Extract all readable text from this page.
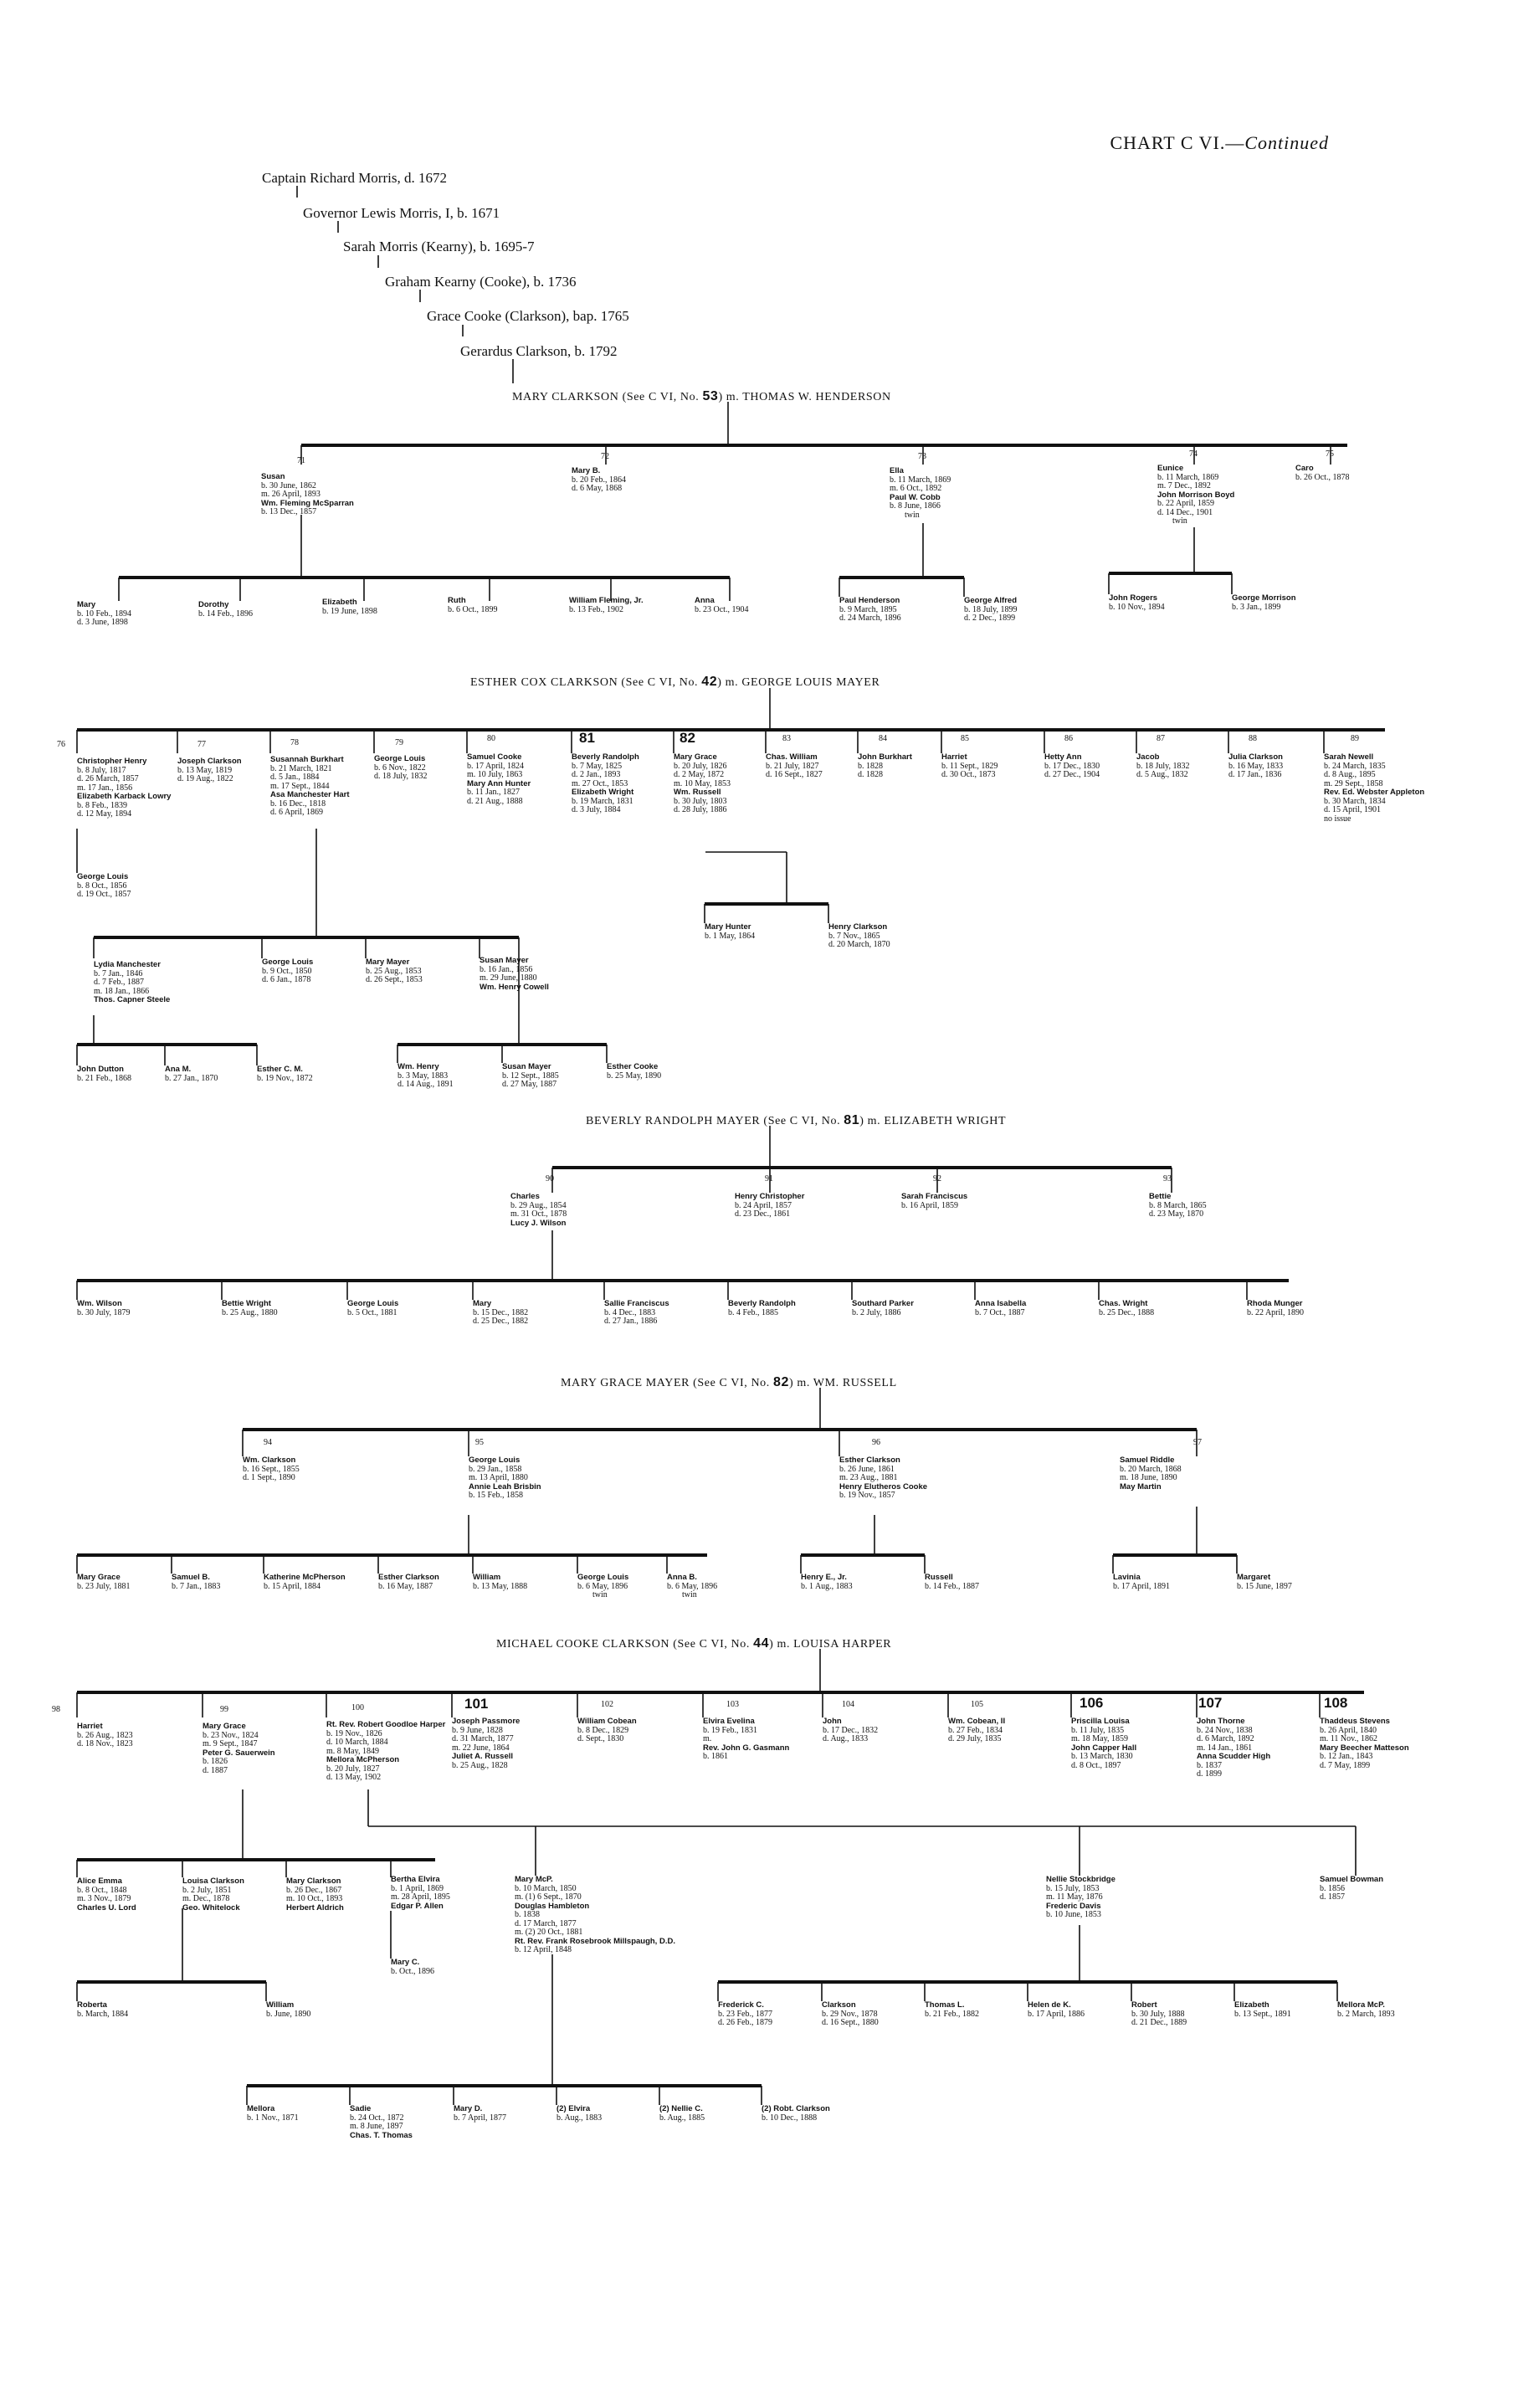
CHART C VI.—Continued
Captain Richard Morris, d. 1672
Governor Lewis Morris, I, b. 1671
Sarah Morris (Kearny), b. 1695-7
Graham Kearny (Cooke), b. 1736
Grace Cooke (Clarkson), bap. 1765
Gerardus Clarkson, b. 1792
MARY CLARKSON (See C VI, No. 53) m. THOMAS W. HENDERSON
ESTHER COX CLARKSON (See C VI, No. 42) m. GEORGE LOUIS MAYER
BEVERLY RANDOLPH MAYER (See C VI, No. 81) m. ELIZABETH WRIGHT
MARY GRACE MAYER (See C VI, No. 82) m. WM. RUSSELL
MICHAEL COOKE CLARKSON (See C VI, No. 44) m. LOUISA HARPER
71	72	73	74	75
76	77	78	79	80	81	82	83	84	85	86	87	88	89
90	91	92	93
94	95	96	97
98	99	100	101	102	103	104	105	106	107	108
Susan
b. 30 June, 1862
m. 26 April, 1893
Wm. Fleming McSparran
b. 13 Dec., 1857
Mary B.
b. 20 Feb., 1864
d. 6 May, 1868
Ella
b. 11 March, 1869
m. 6 Oct., 1892
Paul W. Cobb
b. 8 June, 1866
twin
Eunice
b. 11 March, 1869
m. 7 Dec., 1892
John Morrison Boyd
b. 22 April, 1859
d. 14 Dec., 1901
twin
Caro
b. 26 Oct., 1878
Mary
b. 10 Feb., 1894
d. 3 June, 1898
Dorothy
b. 14 Feb., 1896
Elizabeth
b. 19 June, 1898
Ruth
b. 6 Oct., 1899
William Fleming, Jr.
b. 13 Feb., 1902
Anna
b. 23 Oct., 1904
Paul Henderson
b. 9 March, 1895
d. 24 March, 1896
George Alfred
b. 18 July, 1899
d. 2 Dec., 1899
John Rogers
b. 10 Nov., 1894
George Morrison
b. 3 Jan., 1899
Christopher Henry
b. 8 July, 1817
d. 26 March, 1857
m. 17 Jan., 1856
Elizabeth Karback Lowry
b. 8 Feb., 1839
d. 12 May, 1894
Joseph Clarkson
b. 13 May, 1819
d. 19 Aug., 1822
Susannah Burkhart
b. 21 March, 1821
d. 5 Jan., 1884
m. 17 Sept., 1844
Asa Manchester Hart
b. 16 Dec., 1818
d. 6 April, 1869
George Louis
b. 6 Nov., 1822
d. 18 July, 1832
Samuel Cooke
b. 17 April, 1824
m. 10 July, 1863
Mary Ann Hunter
b. 11 Jan., 1827
d. 21 Aug., 1888
Beverly Randolph
b. 7 May, 1825
d. 2 Jan., 1893
m. 27 Oct., 1853
Elizabeth Wright
b. 19 March, 1831
d. 3 July, 1884
Mary Grace
b. 20 July, 1826
d. 2 May, 1872
m. 10 May, 1853
Wm. Russell
b. 30 July, 1803
d. 28 July, 1886
Chas. William
b. 21 July, 1827
d. 16 Sept., 1827
John Burkhart
b. 1828
d. 1828
Harriet
b. 11 Sept., 1829
d. 30 Oct., 1873
Hetty Ann
b. 17 Dec., 1830
d. 27 Dec., 1904
Jacob
b. 18 July, 1832
d. 5 Aug., 1832
Julia Clarkson
b. 16 May, 1833
d. 17 Jan., 1836
Sarah Newell
b. 24 March, 1835
d. 8 Aug., 1895
m. 29 Sept., 1858
Rev. Ed. Webster Appleton
b. 30 March, 1834
d. 15 April, 1901
no issue
George Louis
b. 8 Oct., 1856
d. 19 Oct., 1857
Mary Hunter
b. 1 May, 1864
Henry Clarkson
b. 7 Nov., 1865
d. 20 March, 1870
Lydia Manchester
b. 7 Jan., 1846
d. 7 Feb., 1887
m. 18 Jan., 1866
Thos. Capner Steele
George Louis
b. 9 Oct., 1850
d. 6 Jan., 1878
Mary Mayer
b. 25 Aug., 1853
d. 26 Sept., 1853
Susan Mayer
b. 16 Jan., 1856
m. 29 June, 1880
Wm. Henry Cowell
John Dutton
b. 21 Feb., 1868
Ana M.
b. 27 Jan., 1870
Esther C. M.
b. 19 Nov., 1872
Wm. Henry
b. 3 May, 1883
d. 14 Aug., 1891
Susan Mayer
b. 12 Sept., 1885
d. 27 May, 1887
Esther Cooke
b. 25 May, 1890
Charles
b. 29 Aug., 1854
m. 31 Oct., 1878
Lucy J. Wilson
Henry Christopher
b. 24 April, 1857
d. 23 Dec., 1861
Sarah Franciscus
b. 16 April, 1859
Bettie
b. 8 March, 1865
d. 23 May, 1870
Wm. Wilson
b. 30 July, 1879
Bettie Wright
b. 25 Aug., 1880
George Louis
b. 5 Oct., 1881
Mary
b. 15 Dec., 1882
d. 25 Dec., 1882
Sallie Franciscus
b. 4 Dec., 1883
d. 27 Jan., 1886
Beverly Randolph
b. 4 Feb., 1885
Southard Parker
b. 2 July, 1886
Anna Isabella
b. 7 Oct., 1887
Chas. Wright
b. 25 Dec., 1888
Rhoda Munger
b. 22 April, 1890
Wm. Clarkson
b. 16 Sept., 1855
d. 1 Sept., 1890
George Louis
b. 29 Jan., 1858
m. 13 April, 1880
Annie Leah Brisbin
b. 15 Feb., 1858
Esther Clarkson
b. 26 June, 1861
m. 23 Aug., 1881
Henry Elutheros Cooke
b. 19 Nov., 1857
Samuel Riddle
b. 20 March, 1868
m. 18 June, 1890
May Martin
Mary Grace
b. 23 July, 1881
Samuel B.
b. 7 Jan., 1883
Katherine McPherson
b. 15 April, 1884
Esther Clarkson
b. 16 May, 1887
William
b. 13 May, 1888
George Louis
b. 6 May, 1896
twin
Anna B.
b. 6 May, 1896
twin
Henry E., Jr.
b. 1 Aug., 1883
Russell
b. 14 Feb., 1887
Lavinia
b. 17 April, 1891
Margaret
b. 15 June, 1897
Harriet
b. 26 Aug., 1823
d. 18 Nov., 1823
Mary Grace
b. 23 Nov., 1824
m. 9 Sept., 1847
Peter G. Sauerwein
b. 1826
d. 1887
Rt. Rev. Robert Goodloe Harper
b. 19 Nov., 1826
d. 10 March, 1884
m. 8 May, 1849
Mellora McPherson
b. 20 July, 1827
d. 13 May, 1902
Joseph Passmore
b. 9 June, 1828
d. 31 March, 1877
m. 22 June, 1864
Juliet A. Russell
b. 25 Aug., 1828
William Cobean
b. 8 Dec., 1829
d. Sept., 1830
Elvira Evelina
b. 19 Feb., 1831
m.
Rev. John G. Gasmann
b. 1861
John
b. 17 Dec., 1832
d. Aug., 1833
Wm. Cobean, II
b. 27 Feb., 1834
d. 29 July, 1835
Priscilla Louisa
b. 11 July, 1835
m. 18 May, 1859
John Capper Hall
b. 13 March, 1830
d. 8 Oct., 1897
John Thorne
b. 24 Nov., 1838
d. 6 March, 1892
m. 14 Jan., 1861
Anna Scudder High
b. 1837
d. 1899
Thaddeus Stevens
b. 26 April, 1840
m. 11 Nov., 1862
Mary Beecher Matteson
b. 12 Jan., 1843
d. 7 May, 1899
Alice Emma
b. 8 Oct., 1848
m. 3 Nov., 1879
Charles U. Lord
Louisa Clarkson
b. 2 July, 1851
m. Dec., 1878
Geo. Whitelock
Mary Clarkson
b. 26 Dec., 1867
m. 10 Oct., 1893
Herbert Aldrich
Bertha Elvira
b. 1 April, 1869
m. 28 April, 1895
Edgar P. Allen
Mary McP.
b. 10 March, 1850
m. (1) 6 Sept., 1870
Douglas Hambleton
b. 1838
d. 17 March, 1877
m. (2) 20 Oct., 1881
Rt. Rev. Frank Rosebrook Millspaugh, D.D.
b. 12 April, 1848
Nellie Stockbridge
b. 15 July, 1853
m. 11 May, 1876
Frederic Davis
b. 10 June, 1853
Samuel Bowman
b. 1856
d. 1857
Roberta
b. March, 1884
William
b. June, 1890
Mary C.
b. Oct., 1896
Frederick C.
b. 23 Feb., 1877
d. 26 Feb., 1879
Clarkson
b. 29 Nov., 1878
d. 16 Sept., 1880
Thomas L.
b. 21 Feb., 1882
Helen de K.
b. 17 April, 1886
Robert
b. 30 July, 1888
d. 21 Dec., 1889
Elizabeth
b. 13 Sept., 1891
Mellora McP.
b. 2 March, 1893
Mellora
b. 1 Nov., 1871
Sadie
b. 24 Oct., 1872
m. 8 June, 1897
Chas. T. Thomas
Mary D.
b. 7 April, 1877
(2) Elvira
b. Aug., 1883
(2) Nellie C.
b. Aug., 1885
(2) Robt. Clarkson
b. 10 Dec., 1888
